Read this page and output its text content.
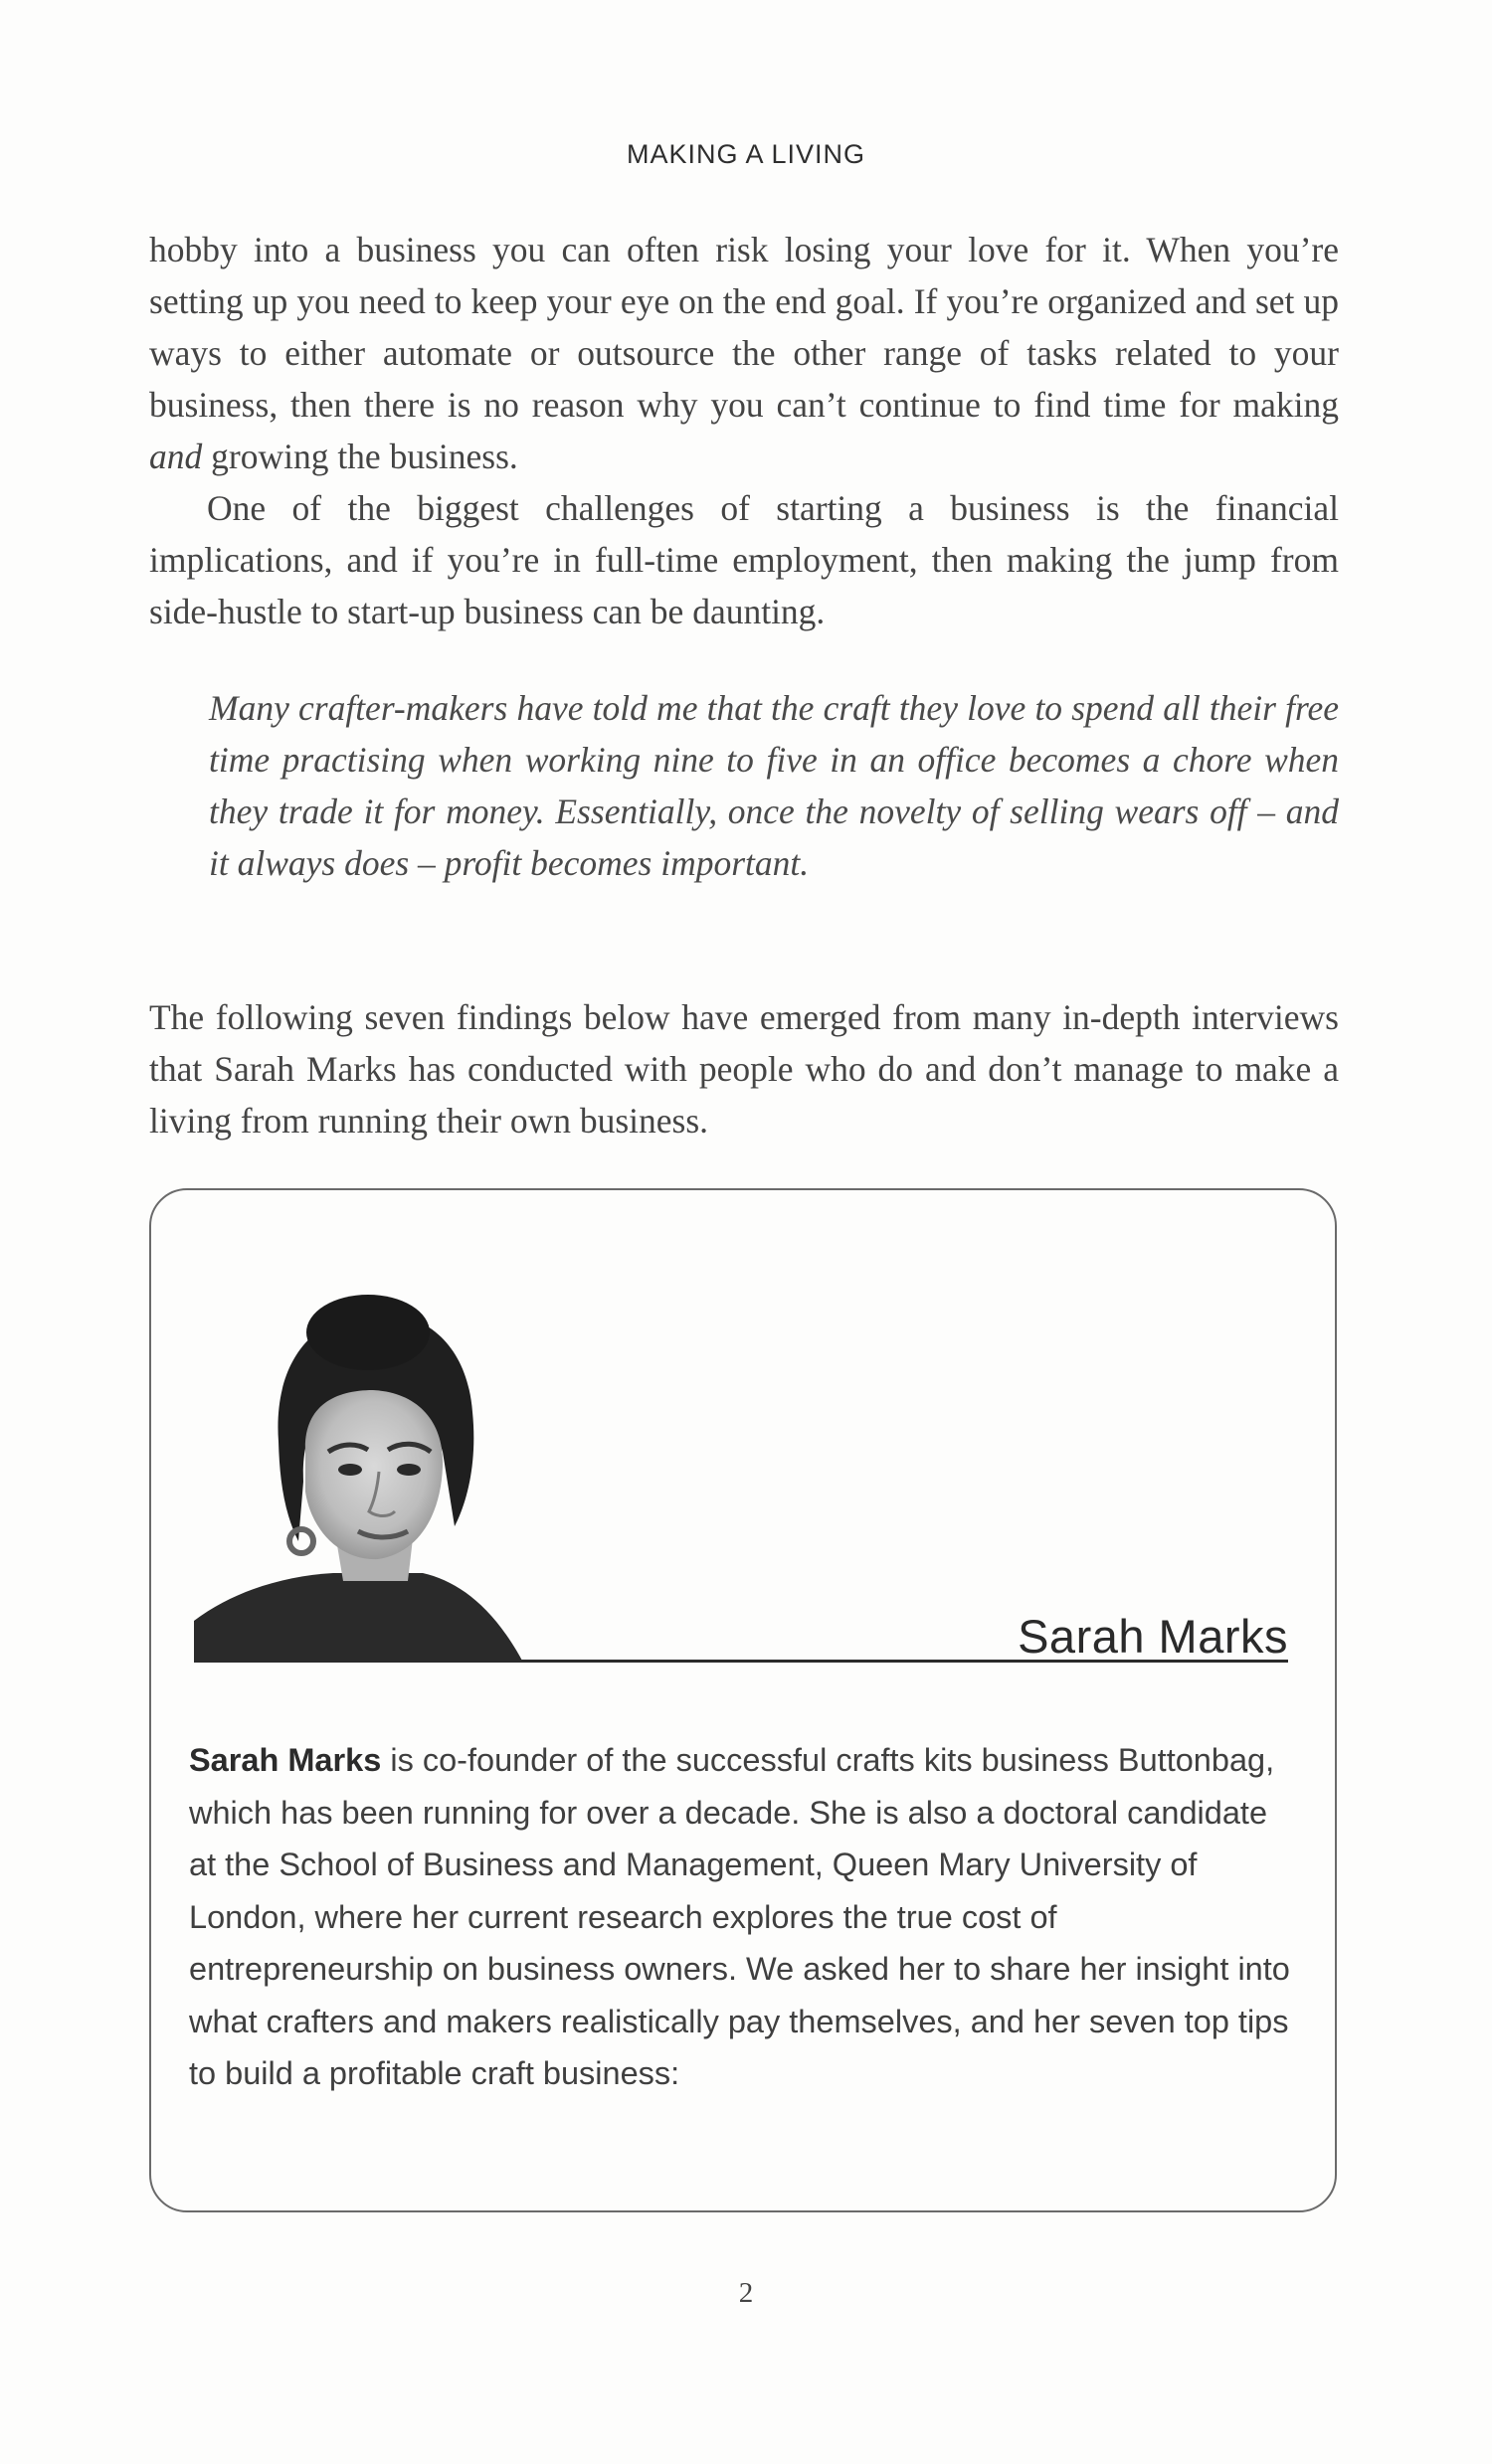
MAKING A LIVING

hobby into a business you can often risk losing your love for it. When you’re setting up you need to keep your eye on the end goal. If you’re organized and set up ways to either automate or outsource the other range of tasks related to your business, then there is no reason why you can’t continue to find time for making and growing the business.

One of the biggest challenges of starting a business is the financial implications, and if you’re in full-time employment, then making the jump from side-hustle to start-up business can be daunting.

Many crafter-makers have told me that the craft they love to spend all their free time practising when working nine to five in an office becomes a chore when they trade it for money. Essentially, once the novelty of selling wears off – and it always does – profit becomes important.

The following seven findings below have emerged from many in-depth interviews that Sarah Marks has conducted with people who do and don’t manage to make a living from running their own business.

Sarah Marks
Sarah Marks is co-founder of the successful crafts kits business Buttonbag, which has been running for over a decade. She is also a doctoral candidate at the School of Business and Management, Queen Mary University of London, where her current research explores the true cost of entrepreneurship on business owners. We asked her to share her insight into what crafters and makers realistically pay themselves, and her seven top tips to build a profitable craft business:
2
